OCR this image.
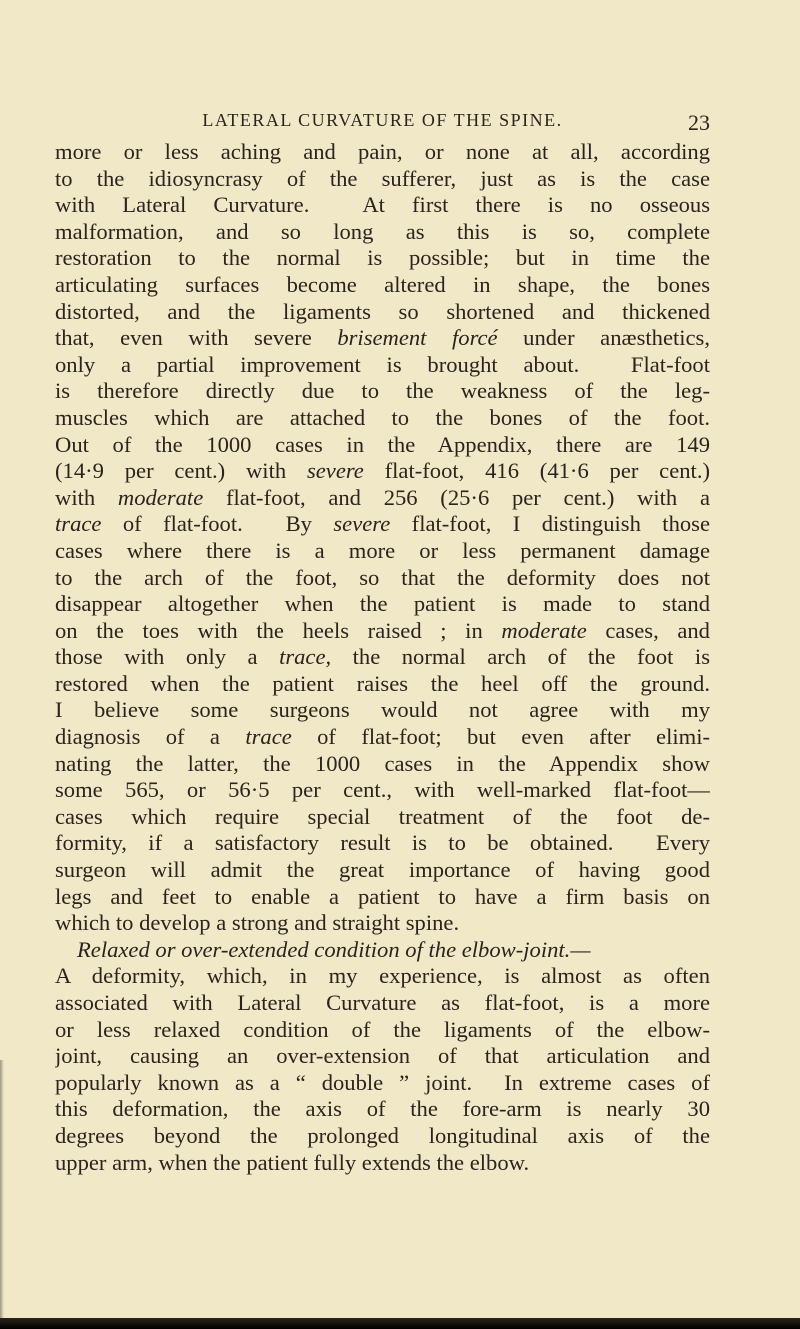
LATERAL CURVATURE OF THE SPINE.	23
more or less aching and pain, or none at all, according
to the idiosyncrasy of the sufferer, just as is the case
with Lateral Curvature.  At first there is no osseous
malformation, and so long as this is so, complete
restoration to the normal is possible; but in time the
articulating surfaces become altered in shape, the bones
distorted, and the ligaments so shortened and thickened
that, even with severe brisement forcé under anæsthetics,
only a partial improvement is brought about.  Flat-foot
is therefore directly due to the weakness of the leg-
muscles which are attached to the bones of the foot.
Out of the 1000 cases in the Appendix, there are 149
(14·9 per cent.) with severe flat-foot, 416 (41·6 per cent.)
with moderate flat-foot, and 256 (25·6 per cent.) with a
trace of flat-foot.  By severe flat-foot, I distinguish those
cases where there is a more or less permanent damage
to the arch of the foot, so that the deformity does not
disappear altogether when the patient is made to stand
on the toes with the heels raised ; in moderate cases, and
those with only a trace, the normal arch of the foot is
restored when the patient raises the heel off the ground.
I believe some surgeons would not agree with my
diagnosis of a trace of flat-foot; but even after elimi-
nating the latter, the 1000 cases in the Appendix show
some 565, or 56·5 per cent., with well-marked flat-foot—
cases which require special treatment of the foot de-
formity, if a satisfactory result is to be obtained.  Every
surgeon will admit the great importance of having good
legs and feet to enable a patient to have a firm basis on
which to develop a strong and straight spine.
Relaxed or over-extended condition of the elbow-joint.—
A deformity, which, in my experience, is almost as often
associated with Lateral Curvature as flat-foot, is a more
or less relaxed condition of the ligaments of the elbow-
joint, causing an over-extension of that articulation and
popularly known as a “ double ” joint.  In extreme cases of
this deformation, the axis of the fore-arm is nearly 30
degrees beyond the prolonged longitudinal axis of the
upper arm, when the patient fully extends the elbow.
